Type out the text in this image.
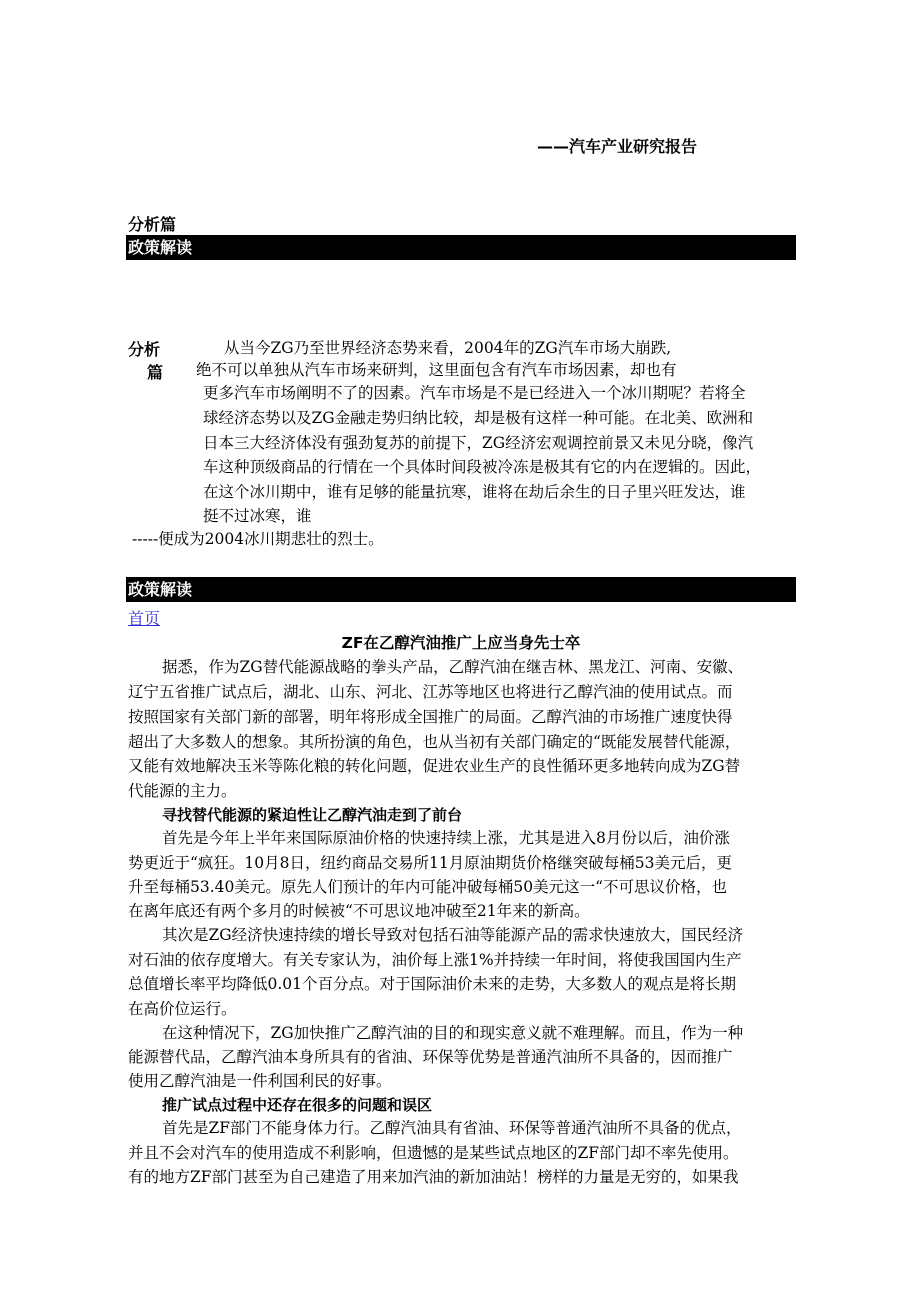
——汽车产业研究报告
分析篇
政策解读
分析
篇
从当今ZG乃至世界经济态势来看，2004年的ZG汽车市场大崩跌,
绝不可以单独从汽车市场来研判，这里面包含有汽车市场因素，却也有
更多汽车市场阐明不了的因素。汽车市场是不是已经进入一个冰川期呢？若将全
球经济态势以及ZG金融走势归纳比较，却是极有这样一种可能。在北美、欧洲和
日本三大经济体没有强劲复苏的前提下，ZG经济宏观调控前景又未见分晓，像汽
车这种顶级商品的行情在一个具体时间段被冷冻是极其有它的内在逻辑的。因此，
在这个冰川期中，谁有足够的能量抗寒，谁将在劫后余生的日子里兴旺发达，谁
挺不过冰寒，谁
-----便成为2004冰川期悲壮的烈士。
政策解读
首页
ZF在乙醇汽油推广上应当身先士卒
据悉，作为ZG替代能源战略的拳头产品，乙醇汽油在继吉林、黑龙江、河南、安徽、
辽宁五省推广试点后，湖北、山东、河北、江苏等地区也将进行乙醇汽油的使用试点。而
按照国家有关部门新的部署，明年将形成全国推广的局面。乙醇汽油的市场推广速度快得
超出了大多数人的想象。其所扮演的角色，也从当初有关部门确定的“既能发展替代能源，
又能有效地解决玉米等陈化粮的转化问题，促进农业生产的良性循环更多地转向成为ZG替
代能源的主力。
寻找替代能源的紧迫性让乙醇汽油走到了前台
首先是今年上半年来国际原油价格的快速持续上涨，尤其是进入8月份以后，油价涨
势更近于“疯狂。10月8日，纽约商品交易所11月原油期货价格继突破每桶53美元后，更
升至每桶53.40美元。原先人们预计的年内可能冲破每桶50美元这一“不可思议价格，也
在离年底还有两个多月的时候被“不可思议地冲破至21年来的新高。
其次是ZG经济快速持续的增长导致对包括石油等能源产品的需求快速放大，国民经济
对石油的依存度增大。有关专家认为，油价每上涨1%并持续一年时间，将使我国国内生产
总值增长率平均降低0.01个百分点。对于国际油价未来的走势，大多数人的观点是将长期
在高价位运行。
在这种情况下，ZG加快推广乙醇汽油的目的和现实意义就不难理解。而且，作为一种
能源替代品，乙醇汽油本身所具有的省油、环保等优势是普通汽油所不具备的，因而推广
使用乙醇汽油是一件利国利民的好事。
推广试点过程中还存在很多的问题和误区
首先是ZF部门不能身体力行。乙醇汽油具有省油、环保等普通汽油所不具备的优点，
并且不会对汽车的使用造成不利影响，但遗憾的是某些试点地区的ZF部门却不率先使用。
有的地方ZF部门甚至为自己建造了用来加汽油的新加油站！榜样的力量是无穷的，如果我
